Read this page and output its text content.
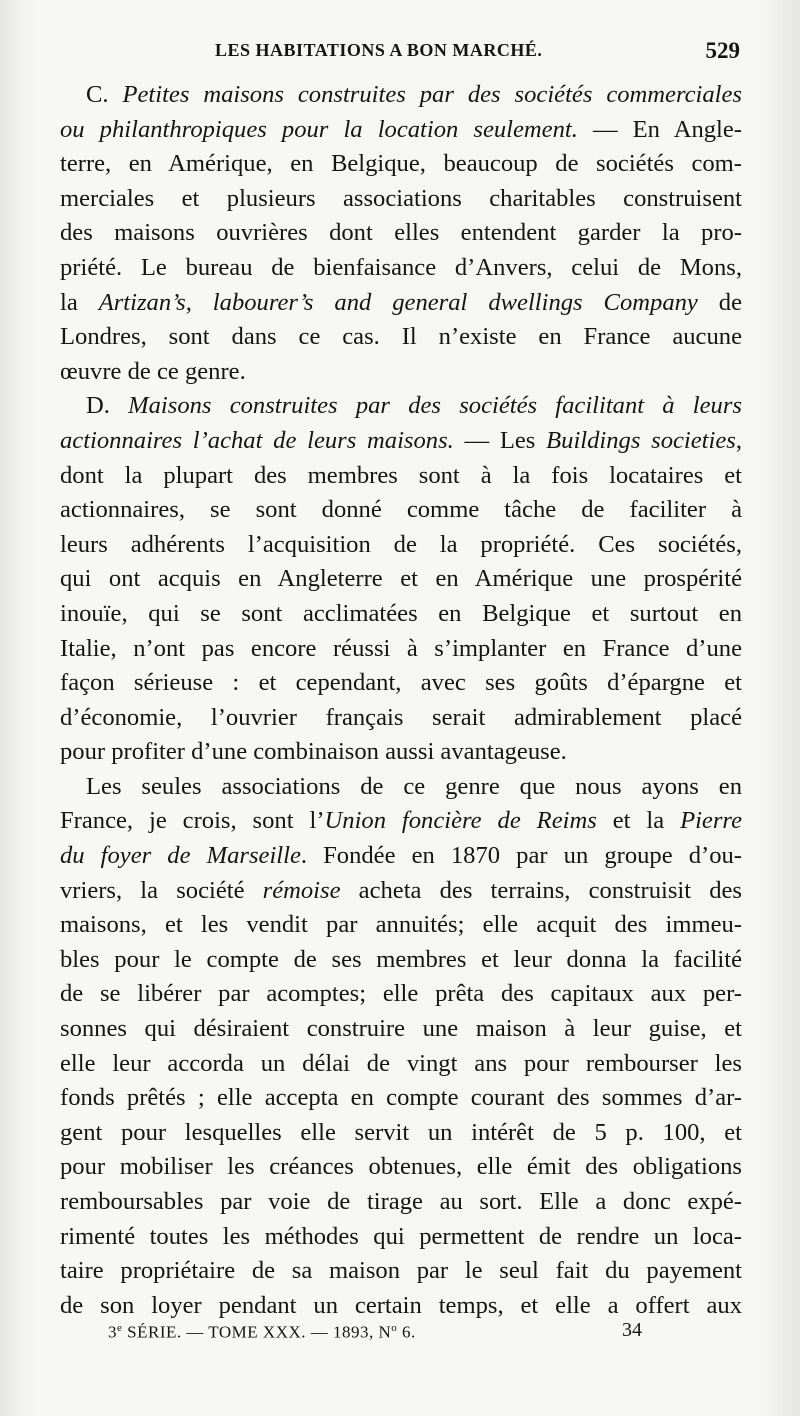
LES HABITATIONS A BON MARCHÉ.	529
C. Petites maisons construites par des sociétés commerciales
ou philanthropiques pour la location seulement. — En Angle-
terre, en Amérique, en Belgique, beaucoup de sociétés com-
merciales et plusieurs associations charitables construisent
des maisons ouvrières dont elles entendent garder la pro-
priété. Le bureau de bienfaisance d’Anvers, celui de Mons,
la Artizan’s, labourer’s and general dwellings Company de
Londres, sont dans ce cas. Il n’existe en France aucune
œuvre de ce genre.
D. Maisons construites par des sociétés facilitant à leurs
actionnaires l’achat de leurs maisons. — Les Buildings societies,
dont la plupart des membres sont à la fois locataires et
actionnaires, se sont donné comme tâche de faciliter à
leurs adhérents l’acquisition de la propriété. Ces sociétés,
qui ont acquis en Angleterre et en Amérique une prospérité
inouïe, qui se sont acclimatées en Belgique et surtout en
Italie, n’ont pas encore réussi à s’implanter en France d’une
façon sérieuse : et cependant, avec ses goûts d’épargne et
d’économie, l’ouvrier français serait admirablement placé
pour profiter d’une combinaison aussi avantageuse.
Les seules associations de ce genre que nous ayons en
France, je crois, sont l’Union foncière de Reims et la Pierre
du foyer de Marseille. Fondée en 1870 par un groupe d’ou-
vriers, la société rémoise acheta des terrains, construisit des
maisons, et les vendit par annuités; elle acquit des immeu-
bles pour le compte de ses membres et leur donna la facilité
de se libérer par acomptes; elle prêta des capitaux aux per-
sonnes qui désiraient construire une maison à leur guise, et
elle leur accorda un délai de vingt ans pour rembourser les
fonds prêtés ; elle accepta en compte courant des sommes d’ar-
gent pour lesquelles elle servit un intérêt de 5 p. 100, et
pour mobiliser les créances obtenues, elle émit des obligations
remboursables par voie de tirage au sort. Elle a donc expé-
rimenté toutes les méthodes qui permettent de rendre un loca-
taire propriétaire de sa maison par le seul fait du payement
de son loyer pendant un certain temps, et elle a offert aux
3e SÉRIE. — TOME XXX. — 1893, $N^o$ 6.	34
